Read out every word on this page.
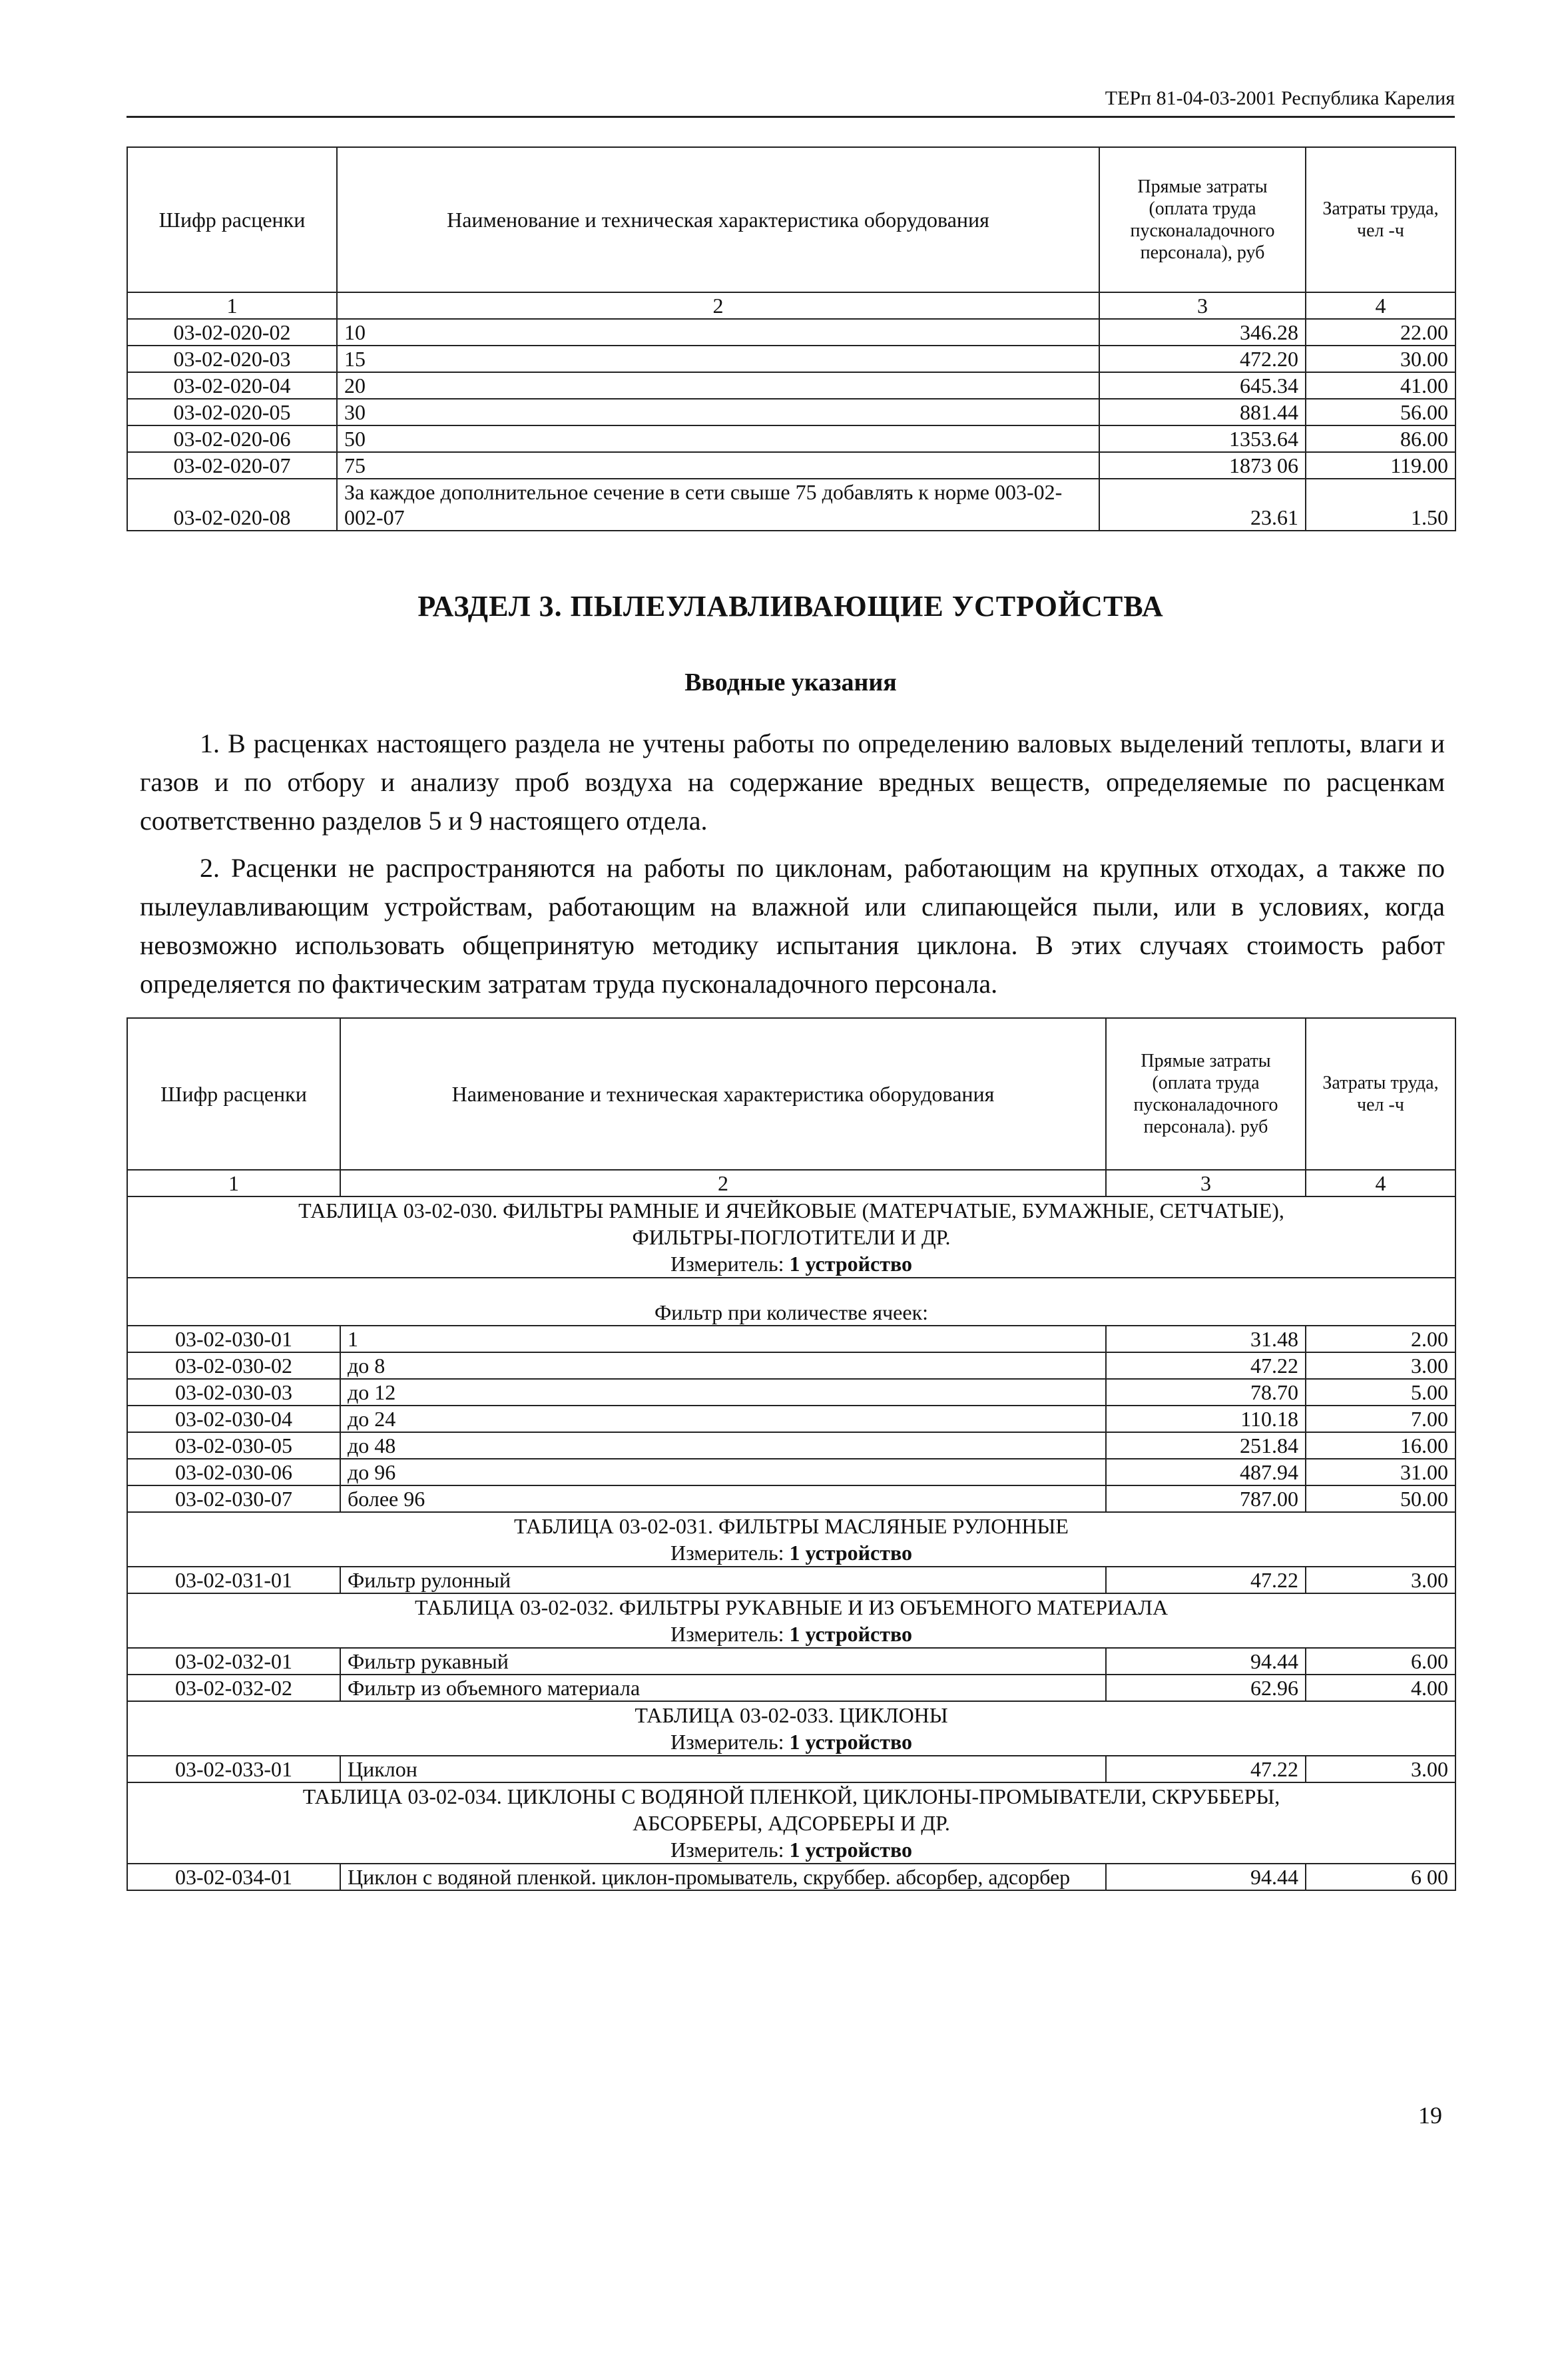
ТЕРп 81-04-03-2001 Республика Карелия
Шифр расценки	Наименование и техническая характеристика оборудования	Прямые затраты (оплата труда пусконаладочного персонала), руб	Затраты труда, чел -ч
1	2	3	4
03-02-020-02	10	346.28	22.00
03-02-020-03	15	472.20	30.00
03-02-020-04	20	645.34	41.00
03-02-020-05	30	881.44	56.00
03-02-020-06	50	1353.64	86.00
03-02-020-07	75	1873 06	119.00
03-02-020-08	За каждое дополнительное сечение в сети свыше 75 добавлять к норме 003-02-002-07	23.61	1.50
РАЗДЕЛ 3. ПЫЛЕУЛАВЛИВАЮЩИЕ УСТРОЙСТВА
Вводные указания

1. В расценках настоящего раздела не учтены работы по определению валовых выделений теплоты, влаги и газов и по отбору и анализу проб воздуха на содержание вредных веществ, определяемые по расценкам соответственно разделов 5 и 9 настоящего отдела.

2. Расценки не распространяются на работы по циклонам, работающим на крупных отходах, а также по пылеулавливающим устройствам, работающим на влажной или слипающейся пыли, или в условиях, когда невозможно использовать общепринятую методику испытания циклона. В этих случаях стоимость работ определяется по фактическим затратам труда пусконаладочного персонала.

Шифр расценки	Наименование и техническая характеристика оборудования	Прямые затраты (оплата труда пусконаладочного персонала). руб	Затраты труда, чел -ч
1	2	3	4

ТАБЛИЦА 03-02-030. ФИЛЬТРЫ РАМНЫЕ И ЯЧЕЙКОВЫЕ (МАТЕРЧАТЫЕ, БУМАЖНЫЕ, СЕТЧАТЫЕ),
ФИЛЬТРЫ-ПОГЛОТИТЕЛИ И ДР.
Измеритель: 1 устройство			

Фильтр при количестве ячеек:			
03-02-030-01	1	31.48	2.00
03-02-030-02	до 8	47.22	3.00
03-02-030-03	до 12	78.70	5.00
03-02-030-04	до 24	110.18	7.00
03-02-030-05	до 48	251.84	16.00
03-02-030-06	до 96	487.94	31.00
03-02-030-07	более 96	787.00	50.00

ТАБЛИЦА 03-02-031. ФИЛЬТРЫ МАСЛЯНЫЕ РУЛОННЫЕ
Измеритель: 1 устройство			

03-02-031-01	Фильтр рулонный	47.22	3.00

ТАБЛИЦА 03-02-032. ФИЛЬТРЫ РУКАВНЫЕ И ИЗ ОБЪЕМНОГО МАТЕРИАЛА
Измеритель: 1 устройство			

03-02-032-01	Фильтр рукавный	94.44	6.00
03-02-032-02	Фильтр из объемного материала	62.96	4.00

ТАБЛИЦА 03-02-033. ЦИКЛОНЫ
Измеритель: 1 устройство			

03-02-033-01	Циклон	47.22	3.00

ТАБЛИЦА 03-02-034. ЦИКЛОНЫ С ВОДЯНОЙ ПЛЕНКОЙ, ЦИКЛОНЫ-ПРОМЫВАТЕЛИ, СКРУББЕРЫ,
АБСОРБЕРЫ, АДСОРБЕРЫ И ДР.
Измеритель: 1 устройство			

03-02-034-01	Циклон с водяной пленкой. циклон-промыватель, скруббер. абсорбер, адсорбер	94.44	6 00
19
